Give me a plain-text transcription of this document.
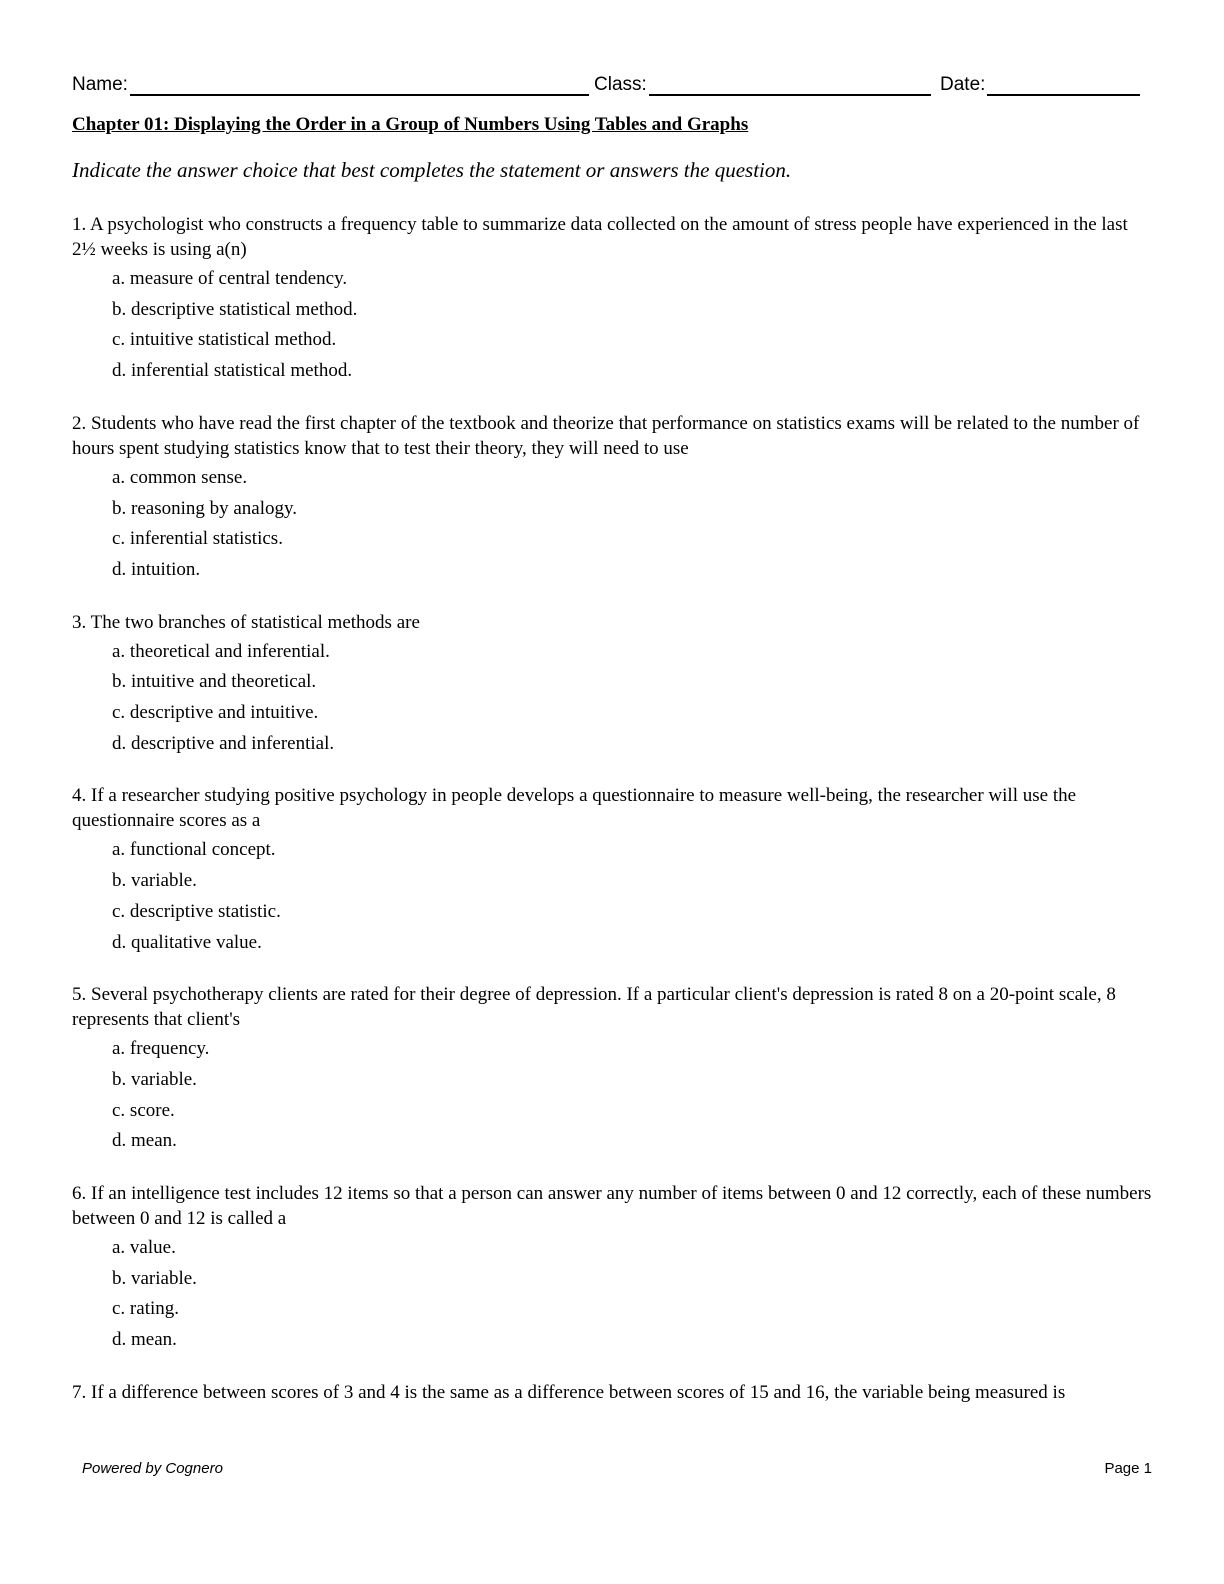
Name:	Class:	Date:
Chapter 01: Displaying the Order in a Group of Numbers Using Tables and Graphs
Indicate the answer choice that best completes the statement or answers the question.

1. A psychologist who constructs a frequency table to summarize data collected on the amount of stress people have experienced in the last 2½ weeks is using a(n)

a. measure of central tendency.
b. descriptive statistical method.
c. intuitive statistical method.
d. inferential statistical method.

2. Students who have read the first chapter of the textbook and theorize that performance on statistics exams will be related to the number of hours spent studying statistics know that to test their theory, they will need to use

a. common sense.
b. reasoning by analogy.
c. inferential statistics.
d. intuition.

3. The two branches of statistical methods are

a. theoretical and inferential.
b. intuitive and theoretical.
c. descriptive and intuitive.
d. descriptive and inferential.

4. If a researcher studying positive psychology in people develops a questionnaire to measure well-being, the researcher will use the questionnaire scores as a

a. functional concept.
b. variable.
c. descriptive statistic.
d. qualitative value.

5. Several psychotherapy clients are rated for their degree of depression. If a particular client's depression is rated 8 on a 20-point scale, 8 represents that client's

a. frequency.
b. variable.
c. score.
d. mean.

6. If an intelligence test includes 12 items so that a person can answer any number of items between 0 and 12 correctly, each of these numbers between 0 and 12 is called a

a. value.
b. variable.
c. rating.
d. mean.

7. If a difference between scores of 3 and 4 is the same as a difference between scores of 15 and 16, the variable being measured is

Powered by Cognero	Page 1
